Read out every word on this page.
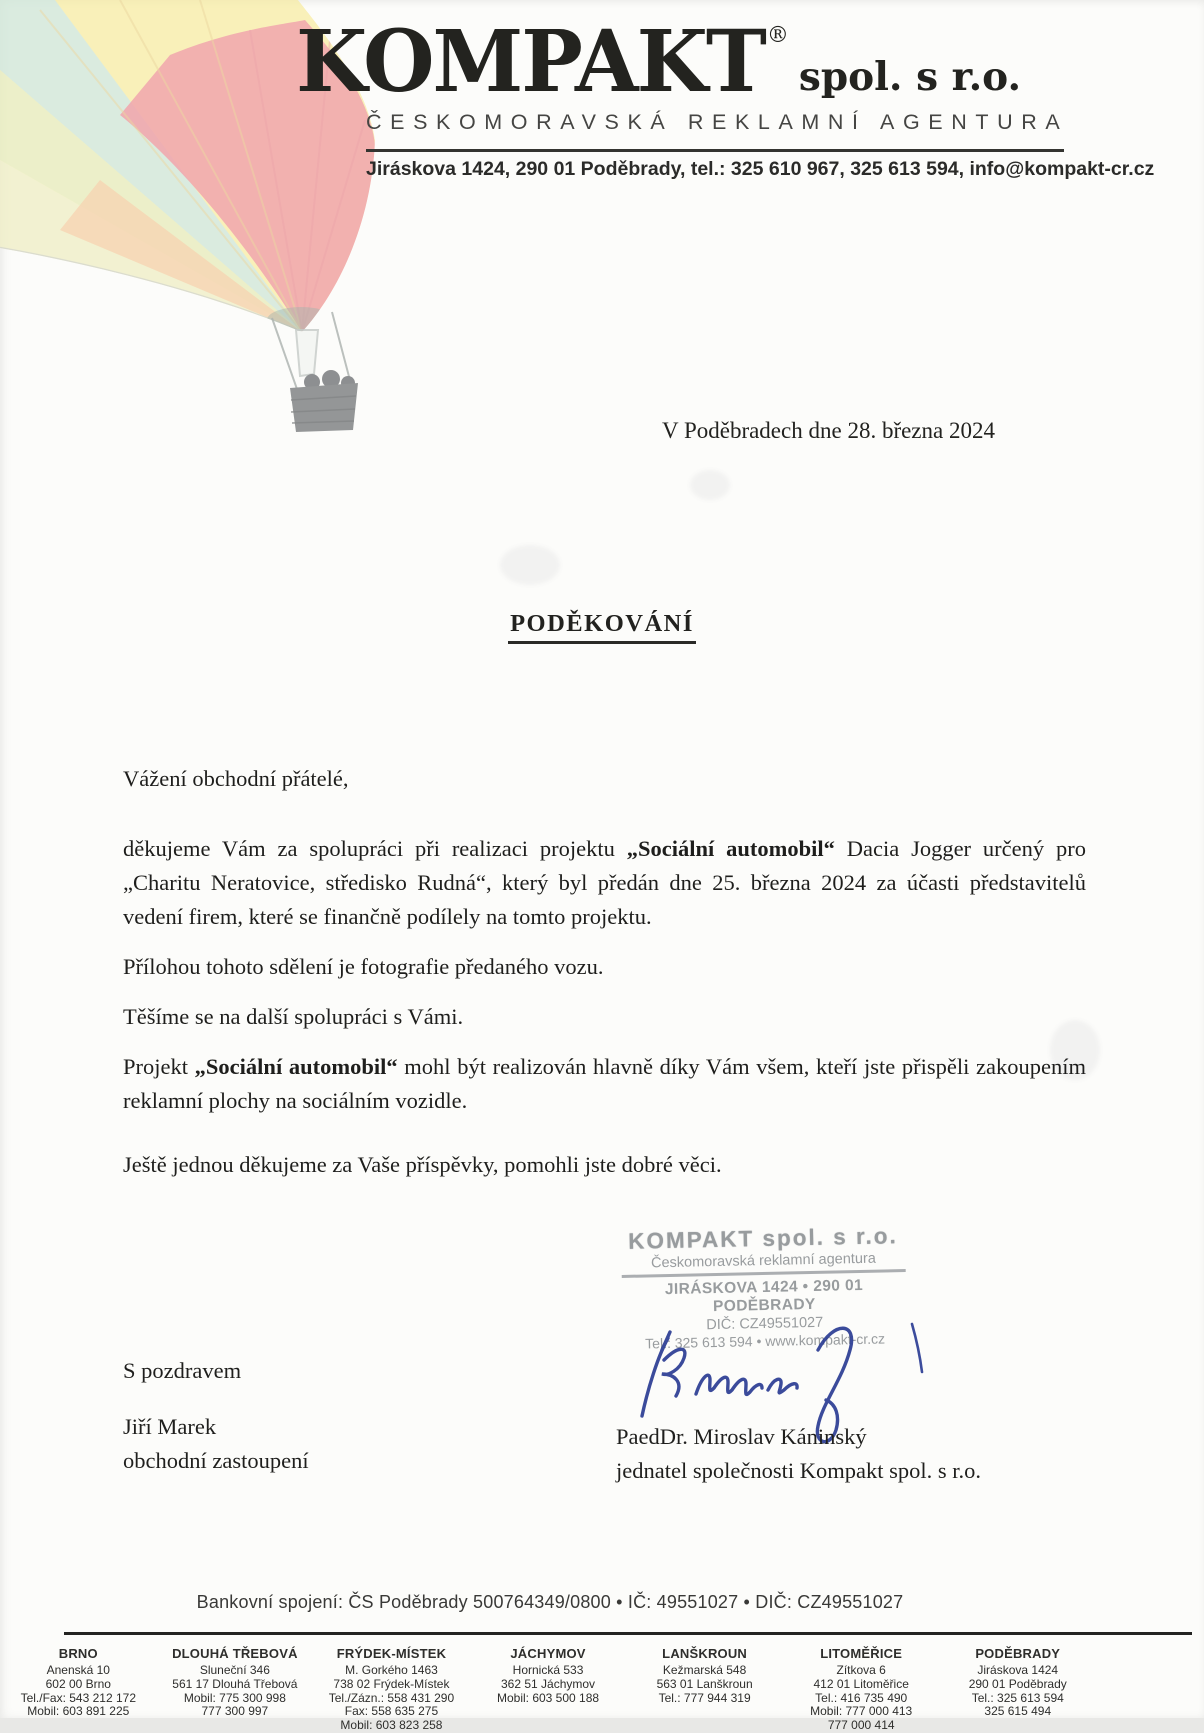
KOMPAKT ®
spol. s r.o.
ČESKOMORAVSKÁ REKLAMNÍ AGENTURA
Jiráskova 1424, 290 01 Poděbrady, tel.: 325 610 967, 325 613 594, info@kompakt-cr.cz
V Poděbradech dne 28. března 2024
PODĚKOVÁNÍ

Vážení obchodní přátelé,

děkujeme Vám za spolupráci při realizaci projektu „Sociální automobil“ Dacia Jogger určený pro „Charitu Neratovice, středisko Rudná“, který byl předán dne 25. března 2024 za účasti představitelů vedení firem, které se finančně podílely na tomto projektu.

Přílohou tohoto sdělení je fotografie předaného vozu.

Těšíme se na další spolupráci s Vámi.

Projekt „Sociální automobil“ mohl být realizován hlavně díky Vám všem, kteří jste přispěli zakoupením reklamní plochy na sociálním vozidle.

Ještě jednou děkujeme za Vaše příspěvky, pomohli jste dobré věci.

KOMPAKT spol. s r.o.
Českomoravská reklamní agentura
JIRÁSKOVA 1424 • 290 01 PODĚBRADY
DIČ: CZ49551027
Tel.: 325 613 594 • www.kompakt-cr.cz
S pozdravem
Jiří Marek
obchodní zastoupení
PaedDr. Miroslav Káninský
jednatel společnosti Kompakt spol. s r.o.
Bankovní spojení: ČS Poděbrady 500764349/0800 • IČ: 49551027 • DIČ: CZ49551027
BRNO
Anenská 10
602 00 Brno
Tel./Fax: 543 212 172
Mobil: 603 891 225
DLOUHÁ TŘEBOVÁ
Sluneční 346
561 17 Dlouhá Třebová
Mobil: 775 300 998
777 300 997
FRÝDEK-MÍSTEK
M. Gorkého 1463
738 02 Frýdek-Místek
Tel./Zázn.: 558 431 290
Fax: 558 635 275
Mobil: 603 823 258
JÁCHYMOV
Hornická 533
362 51 Jáchymov
Mobil: 603 500 188
LANŠKROUN
Kežmarská 548
563 01 Lanškroun
Tel.: 777 944 319
LITOMĚŘICE
Zítkova 6
412 01 Litoměřice
Tel.: 416 735 490
Mobil: 777 000 413
777 000 414
PODĚBRADY
Jiráskova 1424
290 01 Poděbrady
Tel.: 325 613 594
325 615 494
